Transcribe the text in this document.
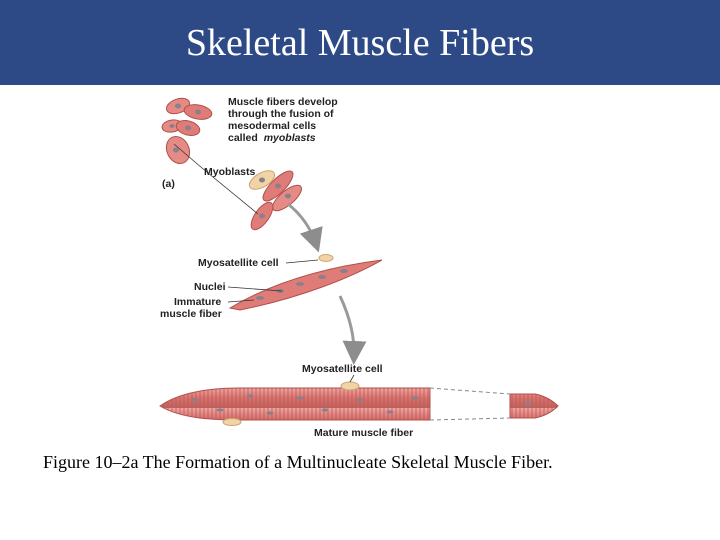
Skeletal Muscle Fibers
Muscle fibers develop
through the fusion of
mesodermal cells
called myoblasts
Myoblasts
(a)
Myosatellite cell
Nuclei
Immature
muscle fiber
Myosatellite cell
Mature muscle fiber

Figure 10–2a The Formation of a Multinucleate Skeletal Muscle Fiber.
